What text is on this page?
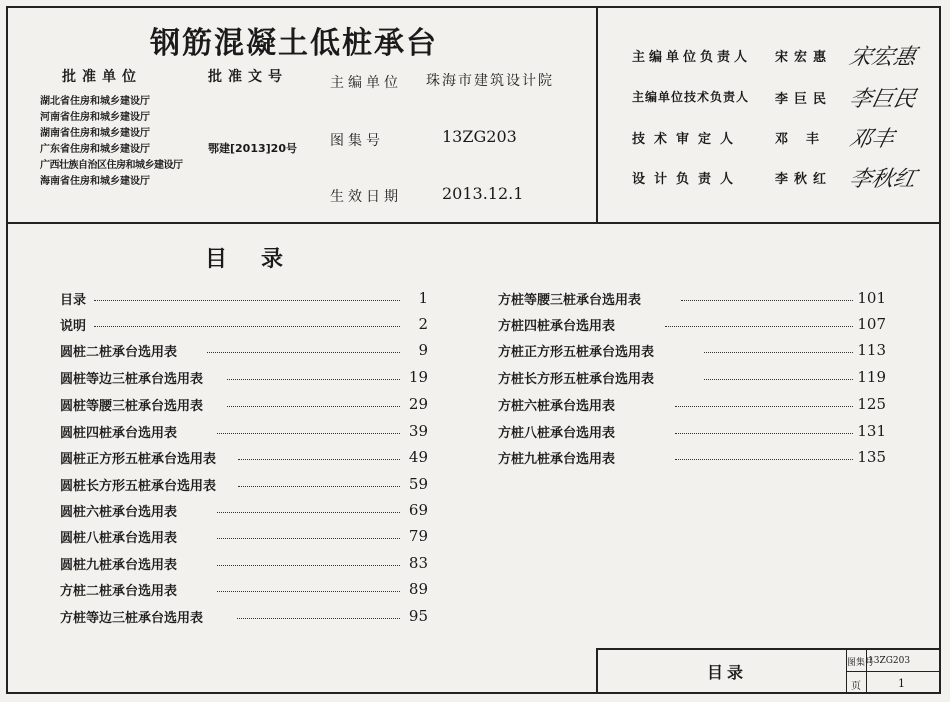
钢筋混凝土低桩承台
批准单位	批准文号
湖北省住房和城乡建设厅
河南省住房和城乡建设厅
湖南省住房和城乡建设厅
广东省住房和城乡建设厅
广西壮族自治区住房和城乡建设厅
海南省住房和城乡建设厅
鄂建[2013]20号
主编单位 珠海市建筑设计院
图集号	13ZG203
生效日期	2013.12.1
主编单位负责人 宋宏惠 宋宏惠
主编单位技术负责人 李巨民 李巨民
技术审定人	邓丰 邓丰
设计负责人	李秋红 李秋红
目录
目录	1
说明	2
圆桩二桩承台选用表	9
圆桩等边三桩承台选用表	19
圆桩等腰三桩承台选用表	29
圆桩四桩承台选用表	39
圆桩正方形五桩承台选用表	49
圆桩长方形五桩承台选用表	59
圆桩六桩承台选用表	69
圆桩八桩承台选用表	79
圆桩九桩承台选用表	83
方桩二桩承台选用表	89
方桩等边三桩承台选用表	95
方桩等腰三桩承台选用表	101
方桩四桩承台选用表	107
方桩正方形五桩承台选用表	113
方桩长方形五桩承台选用表	119
方桩六桩承台选用表	125
方桩八桩承台选用表	131
方桩九桩承台选用表	135
目录	图集号
13ZG203
页	1
